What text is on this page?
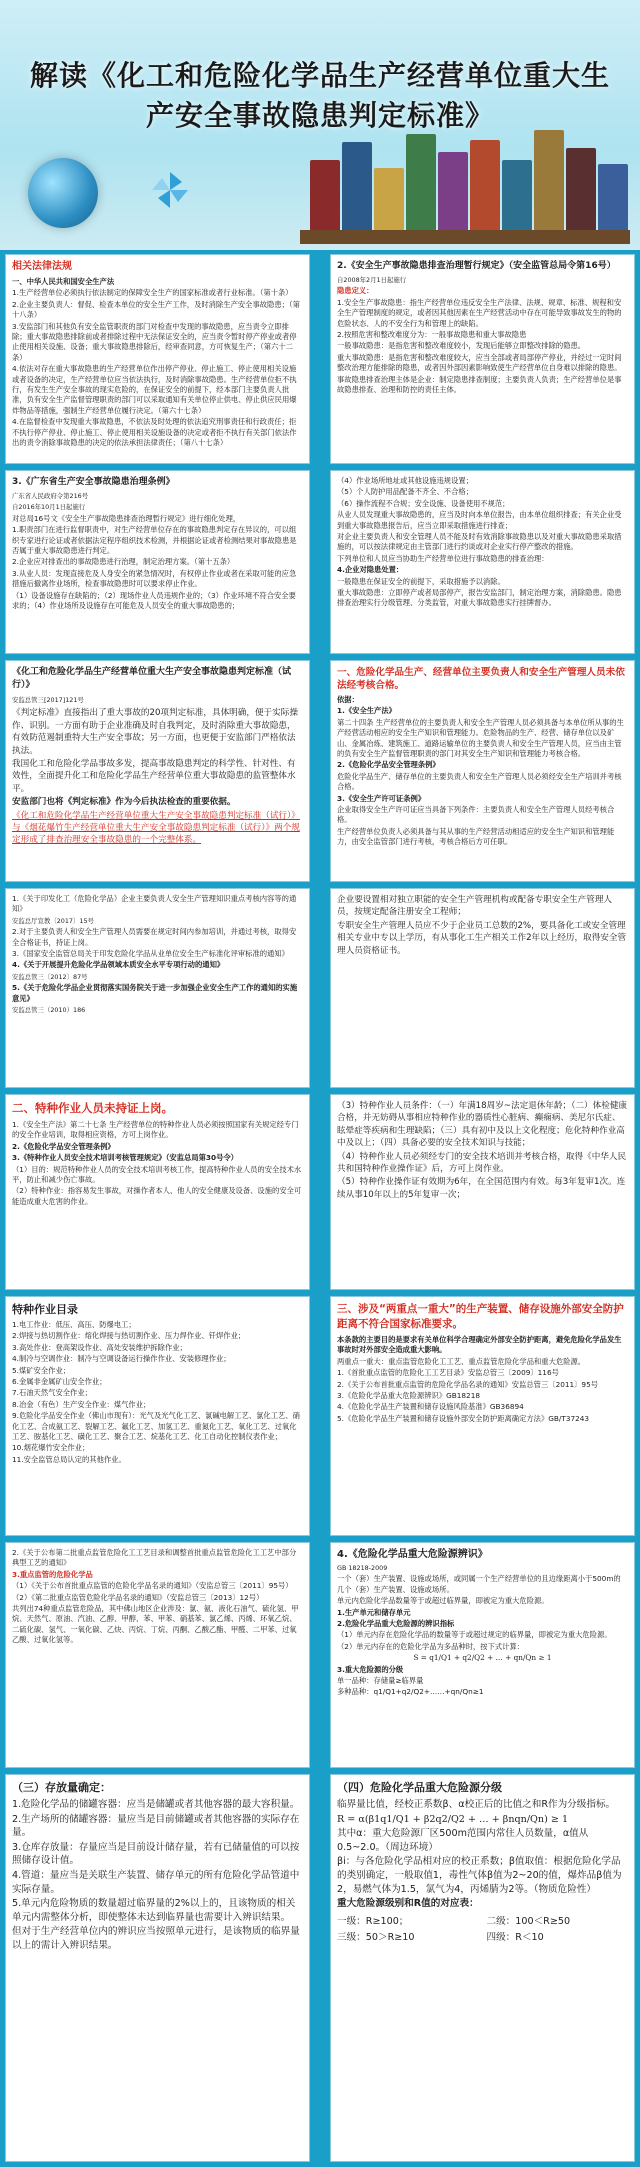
解读《化工和危险化学品生产经营单位重大生产安全事故隐患判定标准》
相关法律法规

一、中华人民共和国安全生产法

1.生产经营单位必须执行依法制定的保障安全生产的国家标准或者行业标准。（第十条）

2.企业主要负责人：督促、检查本单位的安全生产工作，及时消除生产安全事故隐患；（第十八条）

3.安监部门和其他负有安全监管职责的部门对检查中发现的事故隐患，应当责令立即排除；重大事故隐患排除前或者排除过程中无法保证安全的，应当责令暂时停产停业或者停止使用相关设施、设备；重大事故隐患排除后，经审查同意，方可恢复生产；（第六十二条）

4.依法对存在重大事故隐患的生产经营单位作出停产停业、停止施工、停止使用相关设施或者设备的决定，生产经营单位应当依法执行，及时消除事故隐患。生产经营单位拒不执行，有发生生产安全事故的现实危险的，在保证安全的前提下，经本部门主要负责人批准，负有安全生产监督管理职责的部门可以采取通知有关单位停止供电、停止供应民用爆炸物品等措施，强制生产经营单位履行决定。（第六十七条）

4.在监督检查中发现重大事故隐患，不依法及时处理的依法追究刑事责任和行政责任；拒不执行停产停业、停止施工、停止使用相关设施设备的决定或者拒不执行有关部门依法作出的责令消除事故隐患的决定的依法承担法律责任；（第八十七条）

2.《安全生产事故隐患排查治理暂行规定》（安全监管总局令第16号）

自2008年2月1日起施行

隐患定义：

1.安全生产事故隐患：指生产经营单位违反安全生产法律、法规、规章、标准、规程和安全生产管理制度的规定，或者因其他因素在生产经营活动中存在可能导致事故发生的物的危险状态、人的不安全行为和管理上的缺陷。

2.按照危害和整改难度分为：一般事故隐患和重大事故隐患

一般事故隐患：是指危害和整改难度较小，发现后能够立即整改排除的隐患。

重大事故隐患：是指危害和整改难度较大，应当全部或者局部停产停业，并经过一定时间整改治理方能排除的隐患，或者因外部因素影响致使生产经营单位自身难以排除的隐患。

事故隐患排查治理主体是企业：制定隐患排查制度；主要负责人负责；生产经营单位是事故隐患排查、治理和防控的责任主体。

3.《广东省生产安全事故隐患治理条例》

广东省人民政府令第216号

自2016年10月1日起施行

对总局16号文《安全生产事故隐患排查治理暂行规定》进行细化处理，

1.职责部门在进行监督职责中，对生产经营单位存在的事故隐患判定存在异议的，可以组织专家进行论证或者依据法定程序组织技术检测，并根据论证或者检测结果对事故隐患是否属于重大事故隐患进行判定。

2.企业应对排查出的事故隐患进行治理，制定治理方案。（第十五条）

3.从业人员：发现直接危及人身安全的紧急情况时，有权停止作业或者在采取可能的应急措施后撤离作业场所，检查事故隐患时可以要求停止作业。

（1）设备设施存在缺陷的；（2）现场作业人员违规作业的；（3）作业环境不符合安全要求的；（4）作业场所及设施存在可能危及人员安全的重大事故隐患的；

（4）作业场所地址或其他设施违规设置；

（5）个人防护用品配备不齐全、不合格；

（6）操作流程不合规；安全设施、设备使用不规范；

从业人员发现重大事故隐患的，应当及时向本单位报告，由本单位组织排查；有关企业受到重大事故隐患报告后，应当立即采取措施进行排查；

对企业主要负责人和安全管理人员不能及时有效消除事故隐患以及对重大事故隐患采取措施的，可以按法律规定由主管部门进行约谈或对企业实行停产整改的措施。

下列单位和人员应当协助生产经营单位进行事故隐患的排查治理：

4.企业对隐患处置：

一般隐患在保证安全的前提下，采取措施予以消除。

重大事故隐患：立即停产或者局部停产，报告安监部门，制定治理方案，消除隐患。隐患排查治理实行分级管理、分类监管，对重大事故隐患实行挂牌督办。

《化工和危险化学品生产经营单位重大生产安全事故隐患判定标准（试行）》

安监总管三[2017]121号

《判定标准》直接指出了重大事故的20项判定标准，具体明确，便于实际操作、识别。一方面有助于企业准确及时自我判定，及时消除重大事故隐患，有效防范遏制重特大生产安全事故；另一方面，也更便于安监部门严格依法执法。

我国化工和危险化学品事故多发，提高事故隐患判定的科学性、针对性、有效性，全面提升化工和危险化学品生产经营单位重大事故隐患的监管整体水平。

安监部门也将《判定标准》作为今后执法检查的重要依据。

《化工和危险化学品生产经营单位重大生产安全事故隐患判定标准（试行）》与《烟花爆竹生产经营单位重大生产安全事故隐患判定标准（试行）》两个规定形成了排查治理安全事故隐患的一个完整体系。

一、危险化学品生产、经营单位主要负责人和安全生产管理人员未依法经考核合格。

依据：

1.《安全生产法》

第二十四条 生产经营单位的主要负责人和安全生产管理人员必须具备与本单位所从事的生产经营活动相应的安全生产知识和管理能力。危险物品的生产、经营、储存单位以及矿山、金属冶炼、建筑施工、道路运输单位的主要负责人和安全生产管理人员，应当由主管的负有安全生产监督管理职责的部门对其安全生产知识和管理能力考核合格。

2.《危险化学品安全管理条例》

危险化学品生产、储存单位的主要负责人和安全生产管理人员必须经安全生产培训并考核合格。

3.《安全生产许可证条例》

企业取得安全生产许可证应当具备下列条件：主要负责人和安全生产管理人员经考核合格。

生产经营单位负责人必须具备与其从事的生产经营活动相适应的安全生产知识和管理能力，由安全监管部门进行考核，考核合格后方可任职。

1.《关于印发化工（危险化学品）企业主要负责人安全生产管理知识重点考核内容等的通知》

安监总厅宣教〔2017〕15号

2.对于主要负责人和安全生产管理人员需要在规定时间内参加培训，并通过考核，取得安全合格证书，持证上岗。

3.《国家安全监管总局关于印发危险化学品从业单位安全生产标准化评审标准的通知》

4.《关于开展提升危险化学品领域本质安全水平专项行动的通知》

安监总管三〔2012〕87号

5.《关于危险化学品企业贯彻落实国务院关于进一步加强企业安全生产工作的通知的实施意见》

安监总管三（2010）186

企业要设置相对独立职能的安全生产管理机构或配备专职安全生产管理人员，按规定配备注册安全工程师；

专职安全生产管理人员应不少于企业员工总数的2%，要具备化工或安全管理相关专业中专以上学历，有从事化工生产相关工作2年以上经历，取得安全管理人员资格证书。

二、特种作业人员未持证上岗。

1.《安全生产法》第二十七条 生产经营单位的特种作业人员必须按照国家有关规定经专门的安全作业培训，取得相应资格，方可上岗作业。

2.《危险化学品安全管理条例》

3.《特种作业人员安全技术培训考核管理规定》（安监总局第30号令）

（1）目的：规范特种作业人员的安全技术培训考核工作，提高特种作业人员的安全技术水平，防止和减少伤亡事故。

（2）特种作业：指容易发生事故，对操作者本人、他人的安全健康及设备、设施的安全可能造成重大危害的作业。

（3）特种作业人员条件：（一）年满18周岁~法定退休年龄；（二）体检健康合格，并无妨碍从事相应特种作业的器质性心脏病、癫痫病、美尼尔氏症、眩晕症等疾病和生理缺陷；（三）具有初中及以上文化程度；危化特种作业高中及以上；（四）具备必要的安全技术知识与技能；

（4）特种作业人员必须经专门的安全技术培训并考核合格，取得《中华人民共和国特种作业操作证》后，方可上岗作业。

（5）特种作业操作证有效期为6年，在全国范围内有效。每3年复审1次。连续从事10年以上的5年复审一次；

特种作业目录

1.电工作业：低压、高压、防爆电工；

2.焊接与热切割作业：熔化焊接与热切割作业、压力焊作业、钎焊作业；

3.高处作业：登高架设作业、高处安装维护拆除作业；

4.制冷与空调作业：制冷与空调设备运行操作作业、安装修理作业；

5.煤矿安全作业；

6.金属非金属矿山安全作业；

7.石油天然气安全作业；

8.冶金（有色）生产安全作业：煤气作业；

9.危险化学品安全作业（佛山市现有）：光气及光气化工艺、氯碱电解工艺、氯化工艺、硝化工艺、合成氨工艺、裂解工艺、氟化工艺、加氢工艺、重氮化工艺、氧化工艺、过氧化工艺、胺基化工艺、磺化工艺、聚合工艺、烷基化工艺、化工自动化控制仪表作业；

10.烟花爆竹安全作业；

11.安全监管总局认定的其他作业。

三、涉及“两重点一重大”的生产装置、储存设施外部安全防护距离不符合国家标准要求。

本条款的主要目的是要求有关单位科学合理确定外部安全防护距离，避免危险化学品发生事故时对外部安全造成重大影响。

两重点一重大：重点监管危险化工工艺、重点监管危险化学品和重大危险源。

1.《首批重点监管的危险化工工艺目录》安监总管三〔2009〕116号

2.《关于公布首批重点监管的危险化学品名录的通知》安监总管三〔2011〕95号

3.《危险化学品重大危险源辨识》GB18218

4.《危险化学品生产装置和储存设施风险基准》GB36894

5.《危险化学品生产装置和储存设施外部安全防护距离确定方法》GB/T37243

2.《关于公布第二批重点监管危险化工工艺目录和调整首批重点监管危险化工工艺中部分典型工艺的通知》

3.重点监管的危险化学品

（1）《关于公布首批重点监管的危险化学品名录的通知》（安监总管三〔2011〕95号）

（2）《第二批重点监管危险化学品名录的通知》（安监总管三〔2013〕12号）

共列出74种重点监管危险品，其中佛山地区企业涉及：氯、氨、液化石油气、硫化氢、甲烷、天然气、原油、汽油、乙醇、甲醇、苯、甲苯、硝基苯、氯乙烯、丙烯、环氧乙烷、二硫化碳、氢气、一氧化碳、乙炔、丙烷、丁烷、丙酮、乙酸乙酯、甲醛、二甲苯、过氧乙酸、过氧化氢等。

4.《危险化学品重大危险源辨识》

GB 18218-2009

一个（套）生产装置、设施或场所，或同属一个生产经营单位的且边缘距离小于500m的几个（套）生产装置、设施或场所。

单元内危险化学品数量等于或超过临界量，即被定为重大危险源。

1.生产单元和储存单元

2.危险化学品重大危险源的辨识指标

（1）单元内存在危险化学品的数量等于或超过规定的临界量，即被定为重大危险源。

（2）单元内存在的危险化学品为多品种时，按下式计算：

S = q1/Q1 + q2/Q2 + … + qn/Qn ≥ 1

3.重大危险源的分级

单一品种：存储量≥临界量

多种品种：q1/Q1+q2/Q2+……+qn/Qn≥1

（三）存放量确定：

1.危险化学品的储罐容器：应当是储罐或者其他容器的最大容积量。

2.生产场所的储罐容器：量应当是目前储罐或者其他容器的实际存在量。

3.仓库存放量：存量应当是目前设计储存量，若有已储量值的可以按照储存设计值。

4.管道：量应当是关联生产装置、储存单元的所有危险化学品管道中实际存量。

5.单元内危险物质的数量超过临界量的2%以上的，且该物质的相关单元内需整体分析，即使整体未达到临界量也需要计入辨识结果。

但对于生产经营单位内的辨识应当按照单元进行，是该物质的临界量以上的需计入辨识结果。

（四）危险化学品重大危险源分级

临界量比值，经校正系数β、α校正后的比值之和R作为分级指标。

R = α(β1q1/Q1 + β2q2/Q2 + … + βnqn/Qn) ≥ 1

其中α：重大危险源厂区500m范围内常住人员数量，α值从0.5~2.0。（周边环境）

βi：与各危险化学品相对应的校正系数；β值取值：根据危险化学品的类别确定，一般取值1，毒性气体β值为2~20的值，爆炸品β值为2，易燃气体为1.5，氯气为4，丙烯腈为2等。（物质危险性）

重大危险源级别和R值的对应表：

一级：R≥100；	二级：100＜R≥50

三级：50＞R≥10	四级：R＜10
